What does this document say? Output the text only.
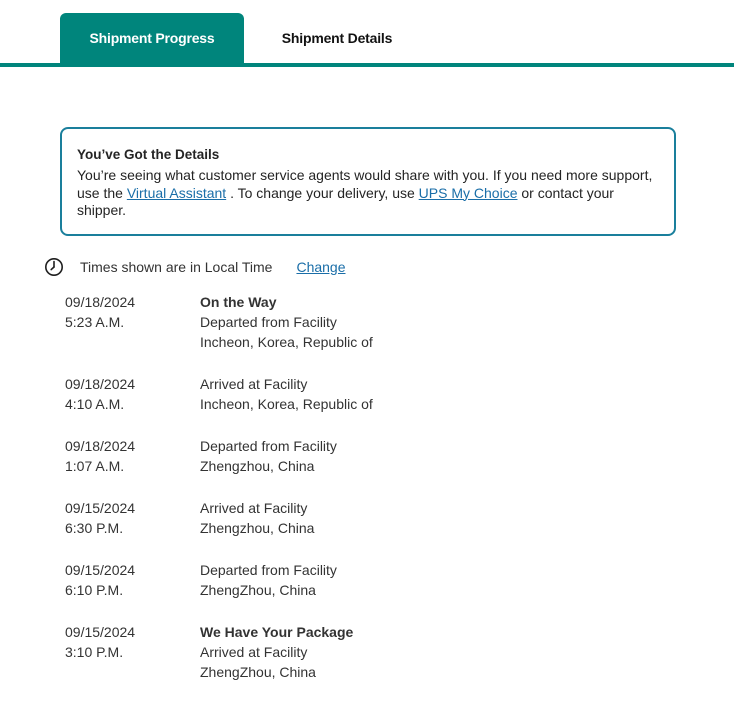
Shipment Progress	Shipment Details
You’ve Got the Details
You’re seeing what customer service agents would share with you. If you need more support, use the Virtual Assistant . To change your delivery, use UPS My Choice or contact your shipper.
Times shown are in Local Time Change
09/18/2024
5:23 A.M.
On the Way
Departed from Facility
Incheon, Korea, Republic of
09/18/2024
4:10 A.M.
Arrived at Facility
Incheon, Korea, Republic of
09/18/2024
1:07 A.M.
Departed from Facility
Zhengzhou, China
09/15/2024
6:30 P.M.
Arrived at Facility
Zhengzhou, China
09/15/2024
6:10 P.M.
Departed from Facility
ZhengZhou, China
09/15/2024
3:10 P.M.
We Have Your Package
Arrived at Facility
ZhengZhou, China
